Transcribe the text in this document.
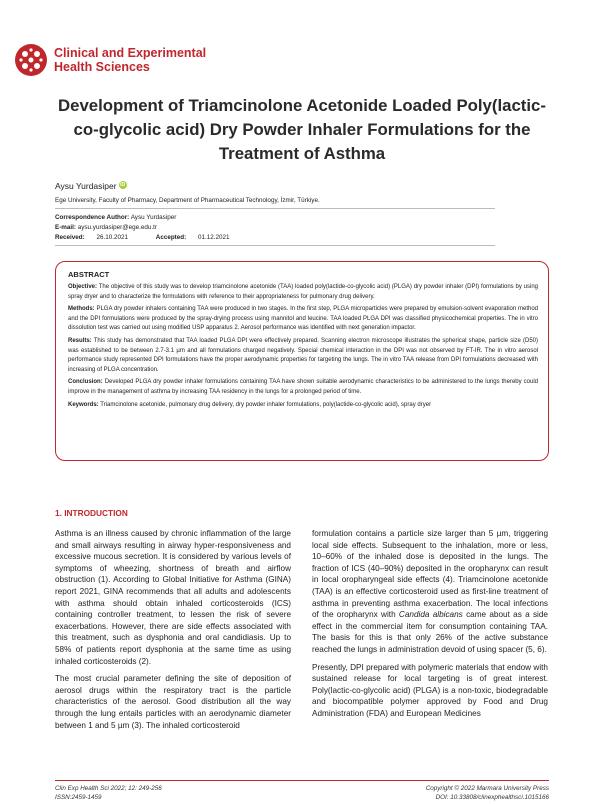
Clinical and Experimental
Health Sciences
Development of Triamcinolone Acetonide Loaded Poly(lactic-co-glycolic acid) Dry Powder Inhaler Formulations for the Treatment of Asthma
Aysu Yurdasiper iD
Ege University, Faculty of Pharmacy, Department of Pharmaceutical Technology, İzmir, Türkiye.
Correspondence Author: Aysu Yurdasiper
E-mail: aysu.yurdasiper@ege.edu.tr
Received: 26.10.2021	Accepted: 01.12.2021
ABSTRACT

Objective: The objective of this study was to develop triamcinolone acetonide (TAA) loaded poly(lactide-co-glycolic acid) (PLGA) dry powder inhaler (DPI) formulations by using spray dryer and to characterize the formulations with reference to their appropriateness for pulmonary drug delivery.

Methods: PLGA dry powder inhalers containing TAA were produced in two stages. In the first step, PLGA microparticles were prepared by emulsion-solvent evaporation method and the DPI formulations were produced by the spray-drying process using mannitol and leucine. TAA loaded PLGA DPI was classified physicochemical properties. The in vitro dissolution test was carried out using modified USP apparatus 2. Aerosol performance was identified with next generation impactor.

Results: This study has demonstrated that TAA loaded PLGA DPI were effectively prepared. Scanning electron microscope illustrates the spherical shape, particle size (D50) was established to be between 2.7-3.1 µm and all formulations charged negatively. Special chemical interaction in the DPI was not observed by FT-IR. The in vitro aerosol performance study represented DPI formulations have the proper aerodynamic properties for targeting the lungs. The in vitro TAA release from DPI formulations decreased with increasing of PLGA concentration.

Conclusion: Developed PLGA dry powder inhaler formulations containing TAA have shown suitable aerodynamic characteristics to be administered to the lungs thereby could improve in the management of asthma by increasing TAA residency in the lungs for a prolonged period of time.

Keywords: Triamcinolone acetonide, pulmonary drug delivery, dry powder inhaler formulations, poly(lactide-co-glycolic acid), spray dryer

1. INTRODUCTION

Asthma is an illness caused by chronic inflammation of the large and small airways resulting in airway hyper-responsiveness and excessive mucous secretion. It is considered by various levels of symptoms of wheezing, shortness of breath and airflow obstruction (1). According to Global Initiative for Asthma (GINA) report 2021, GINA recommends that all adults and adolescents with asthma should obtain inhaled corticosteroids (ICS) containing controller treatment, to lessen the risk of severe exacerbations. However, there are side effects associated with this treatment, such as dysphonia and oral candidiasis. Up to 58% of patients report dysphonia at the same time as using inhaled corticosteroids (2).

The most crucial parameter defining the site of deposition of aerosol drugs within the respiratory tract is the particle characteristics of the aerosol. Good distribution all the way through the lung entails particles with an aerodynamic diameter between 1 and 5 µm (3). The inhaled corticosteroid

formulation contains a particle size larger than 5 µm, triggering local side effects. Subsequent to the inhalation, more or less, 10–60% of the inhaled dose is deposited in the lungs. The fraction of ICS (40–90%) deposited in the oropharynx can result in local oropharyngeal side effects (4). Triamcinolone acetonide (TAA) is an effective corticosteroid used as first-line treatment of asthma in preventing asthma exacerbation. The local infections of the oropharynx with Candida albicans came about as a side effect in the commercial item for consumption containing TAA. The basis for this is that only 26% of the active substance reached the lungs in administration devoid of using spacer (5, 6).

Presently, DPI prepared with polymeric materials that endow with sustained release for local targeting is of great interest. Poly(lactic-co-glycolic acid) (PLGA) is a non-toxic, biodegradable and biocompatible polymer approved by Food and Drug Administration (FDA) and European Medicines

Clin Exp Health Sci 2022; 12: 249-256
ISSN:2459-1459
Copyright © 2022 Marmara University Press
DOI: 10.33808/clinexphealthsci.1015166
